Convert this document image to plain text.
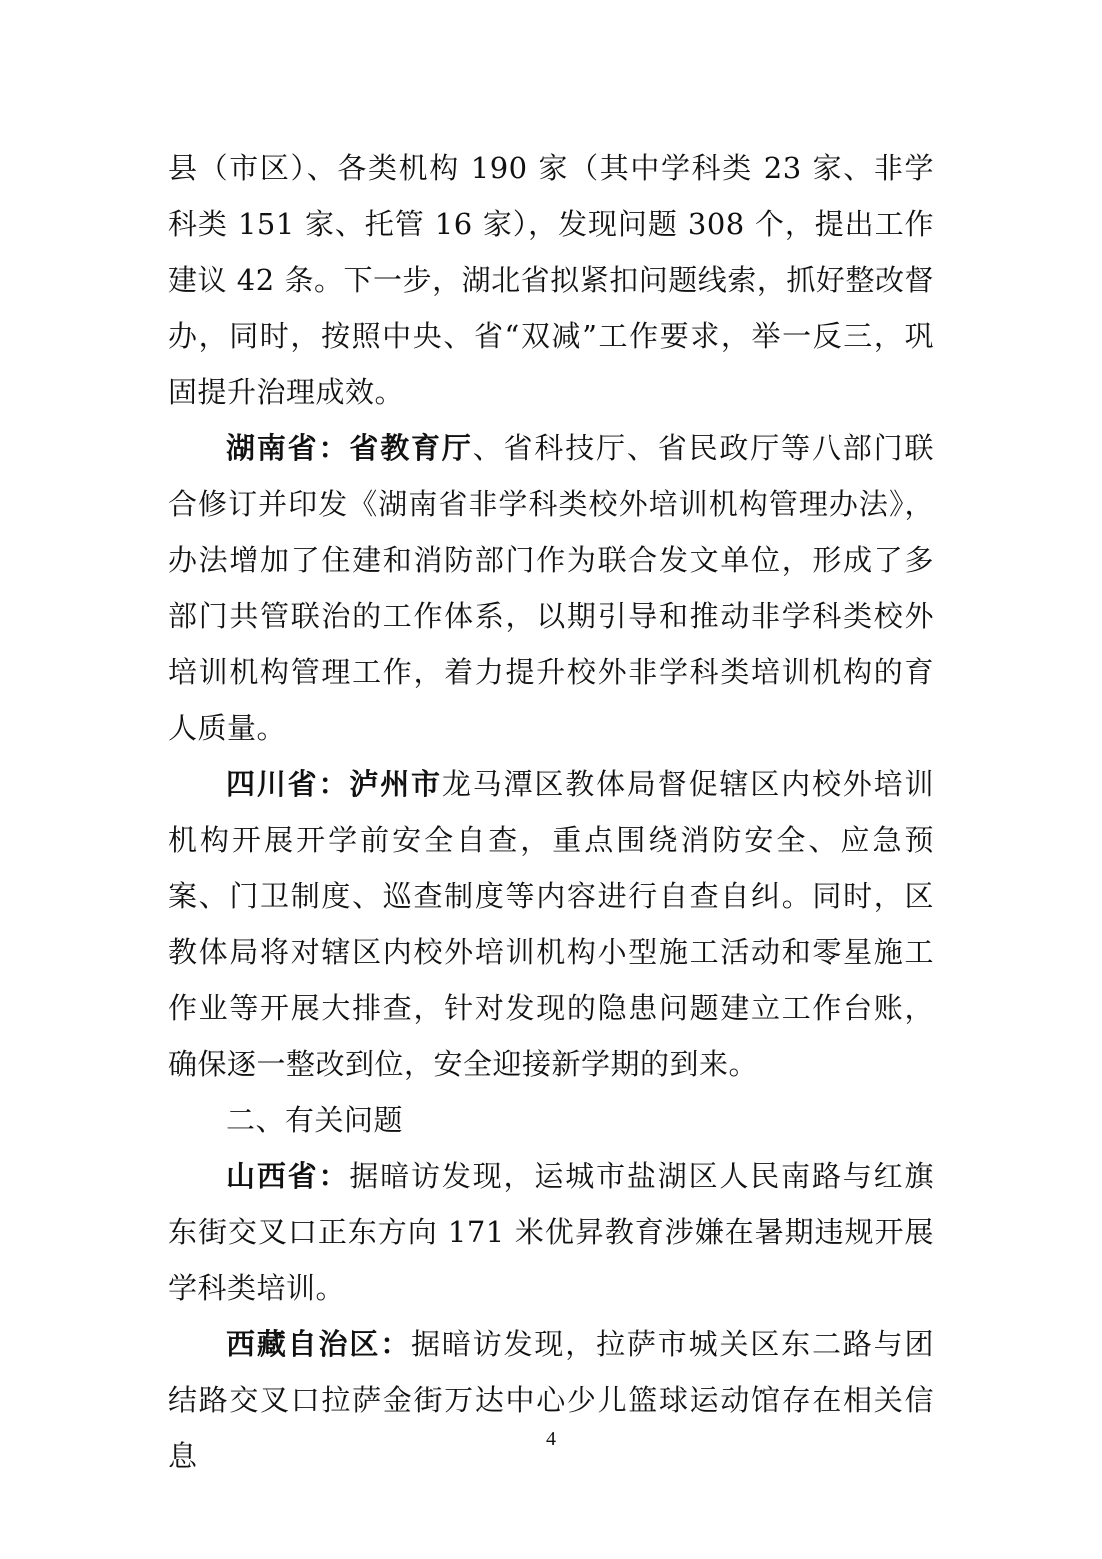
县（市区）、各类机构 190 家（其中学科类 23 家、非学科类 151 家、托管 16 家），发现问题 308 个，提出工作建议 42 条。下一步，湖北省拟紧扣问题线索，抓好整改督办，同时，按照中央、省“双减”工作要求，举一反三，巩固提升治理成效。

湖南省：省教育厅、省科技厅、省民政厅等八部门联合修订并印发《湖南省非学科类校外培训机构管理办法》，办法增加了住建和消防部门作为联合发文单位，形成了多部门共管联治的工作体系，以期引导和推动非学科类校外培训机构管理工作，着力提升校外非学科类培训机构的育人质量。

四川省：泸州市龙马潭区教体局督促辖区内校外培训机构开展开学前安全自查，重点围绕消防安全、应急预案、门卫制度、巡查制度等内容进行自查自纠。同时，区教体局将对辖区内校外培训机构小型施工活动和零星施工作业等开展大排查，针对发现的隐患问题建立工作台账，确保逐一整改到位，安全迎接新学期的到来。

二、有关问题

山西省：据暗访发现，运城市盐湖区人民南路与红旗东街交叉口正东方向 171 米优昇教育涉嫌在暑期违规开展学科类培训。

西藏自治区：据暗访发现，拉萨市城关区东二路与团结路交叉口拉萨金街万达中心少儿篮球运动馆存在相关信息	4
